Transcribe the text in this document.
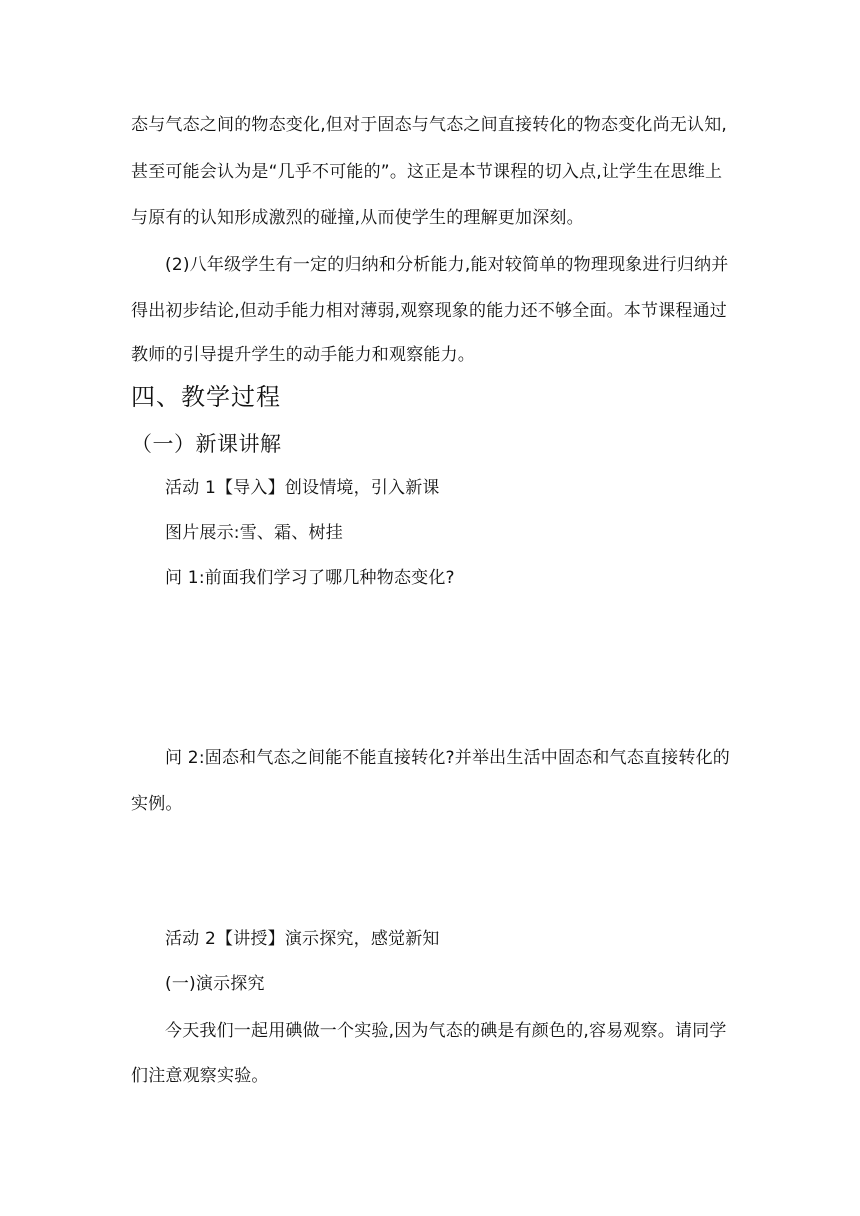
态与气态之间的物态变化,但对于固态与气态之间直接转化的物态变化尚无认知,
甚至可能会认为是“几乎不可能的”。这正是本节课程的切入点,让学生在思维上
与原有的认知形成激烈的碰撞,从而使学生的理解更加深刻。
(2)八年级学生有一定的归纳和分析能力,能对较简单的物理现象进行归纳并
得出初步结论,但动手能力相对薄弱,观察现象的能力还不够全面。本节课程通过
教师的引导提升学生的动手能力和观察能力。
四、教学过程
（一）新课讲解
活动 1【导入】创设情境，引入新课
图片展示:雪、霜、树挂
问 1:前面我们学习了哪几种物态变化?
问 2:固态和气态之间能不能直接转化?并举出生活中固态和气态直接转化的
实例。
活动 2【讲授】演示探究，感觉新知
(一)演示探究
今天我们一起用碘做一个实验,因为气态的碘是有颜色的,容易观察。请同学
们注意观察实验。
